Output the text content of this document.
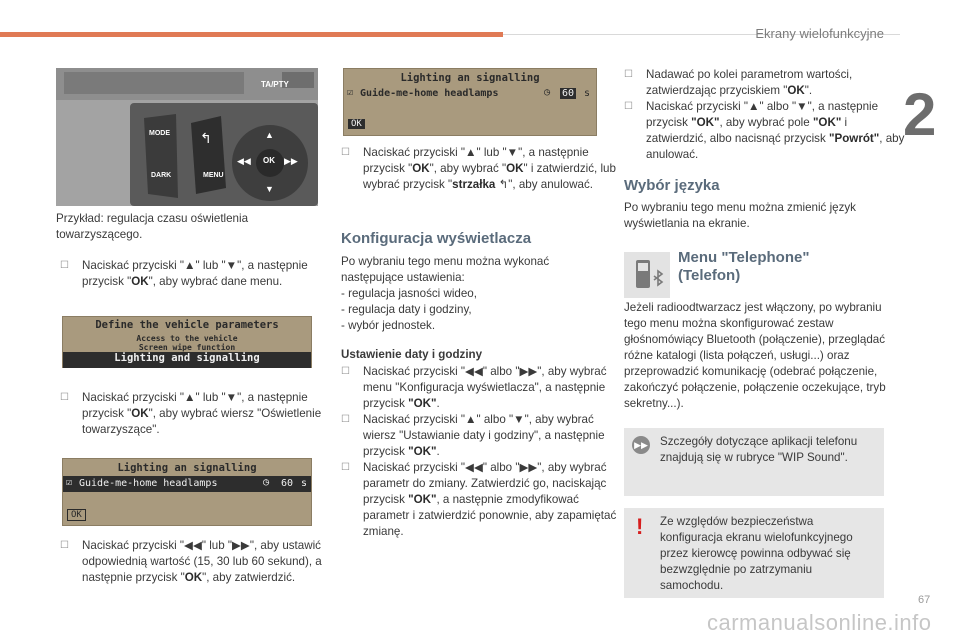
Ekrany wielofunkcyjne
2
TA/PTY
MODE
DARK
↰
MENU
OK
▲
▼
◀◀	▶▶

Przykład: regulacja czasu oświetlenia towarzyszącego.

☐ Naciskać przyciski "▲" lub "▼", a następnie przycisk "OK", aby wybrać dane menu.

Define the vehicle parameters
Access to the vehicle
Screen wipe function
Lighting and signalling

☐ Naciskać przyciski "▲" lub "▼", a następnie przycisk "OK", aby wybrać wiersz "Oświetlenie towarzyszące".

Lighting an signalling
☑ Guide-me-home headlamps	◷ 60 s
OK

☐ Naciskać przyciski "◀◀" lub "▶▶", aby ustawić odpowiednią wartość (15, 30 lub 60 sekund), a następnie przycisk "OK", aby zatwierdzić.

Lighting an signalling
☑ Guide-me-home headlamps	◷ 60 s
OK

☐ Naciskać przyciski "▲" lub "▼", a następnie przycisk "OK", aby wybrać "OK" i zatwierdzić, lub wybrać przycisk "strzałka ↰", aby anulować.

Konfiguracja wyświetlacza

Po wybraniu tego menu można wykonać następujące ustawienia:

- regulacja jasności wideo,

- regulacja daty i godziny,

- wybór jednostek.

Ustawienie daty i godziny

☐ Naciskać przyciski "◀◀" albo "▶▶", aby wybrać menu "Konfiguracja wyświetlacza", a następnie przycisk "OK".

☐ Naciskać przyciski "▲" albo "▼", aby wybrać wiersz "Ustawianie daty i godziny", a następnie przycisk "OK".

☐ Naciskać przyciski "◀◀" albo "▶▶", aby wybrać parametr do zmiany. Zatwierdzić go, naciskając przycisk "OK", a następnie zmodyfikować parametr i zatwierdzić ponownie, aby zapamiętać zmianę.

☐ Nadawać po kolei parametrom wartości, zatwierdzając przyciskiem "OK".

☐ Naciskać przyciski "▲" albo "▼", a następnie przycisk "OK", aby wybrać pole "OK" i zatwierdzić, albo nacisnąć przycisk "Powrót", aby anulować.

Wybór języka

Po wybraniu tego menu można zmienić język wyświetlania na ekranie.

Menu "Telephone"
(Telefon)

Jeżeli radioodtwarzacz jest włączony, po wybraniu tego menu można skonfigurować zestaw głośnomówiący Bluetooth (połączenie), przeglądać różne katalogi (lista połączeń, usługi...) oraz przeprowadzić komunikację (odebrać połączenie, zakończyć połączenie, połączenie oczekujące, tryb sekretny...).

▶▶ Szczegóły dotyczące aplikacji telefonu znajdują się w rubryce "WIP Sound".
! Ze względów bezpieczeństwa konfiguracja ekranu wielofunkcyjnego przez kierowcę powinna odbywać się bezwzględnie po zatrzymaniu samochodu.
67
carmanualsonline.info
